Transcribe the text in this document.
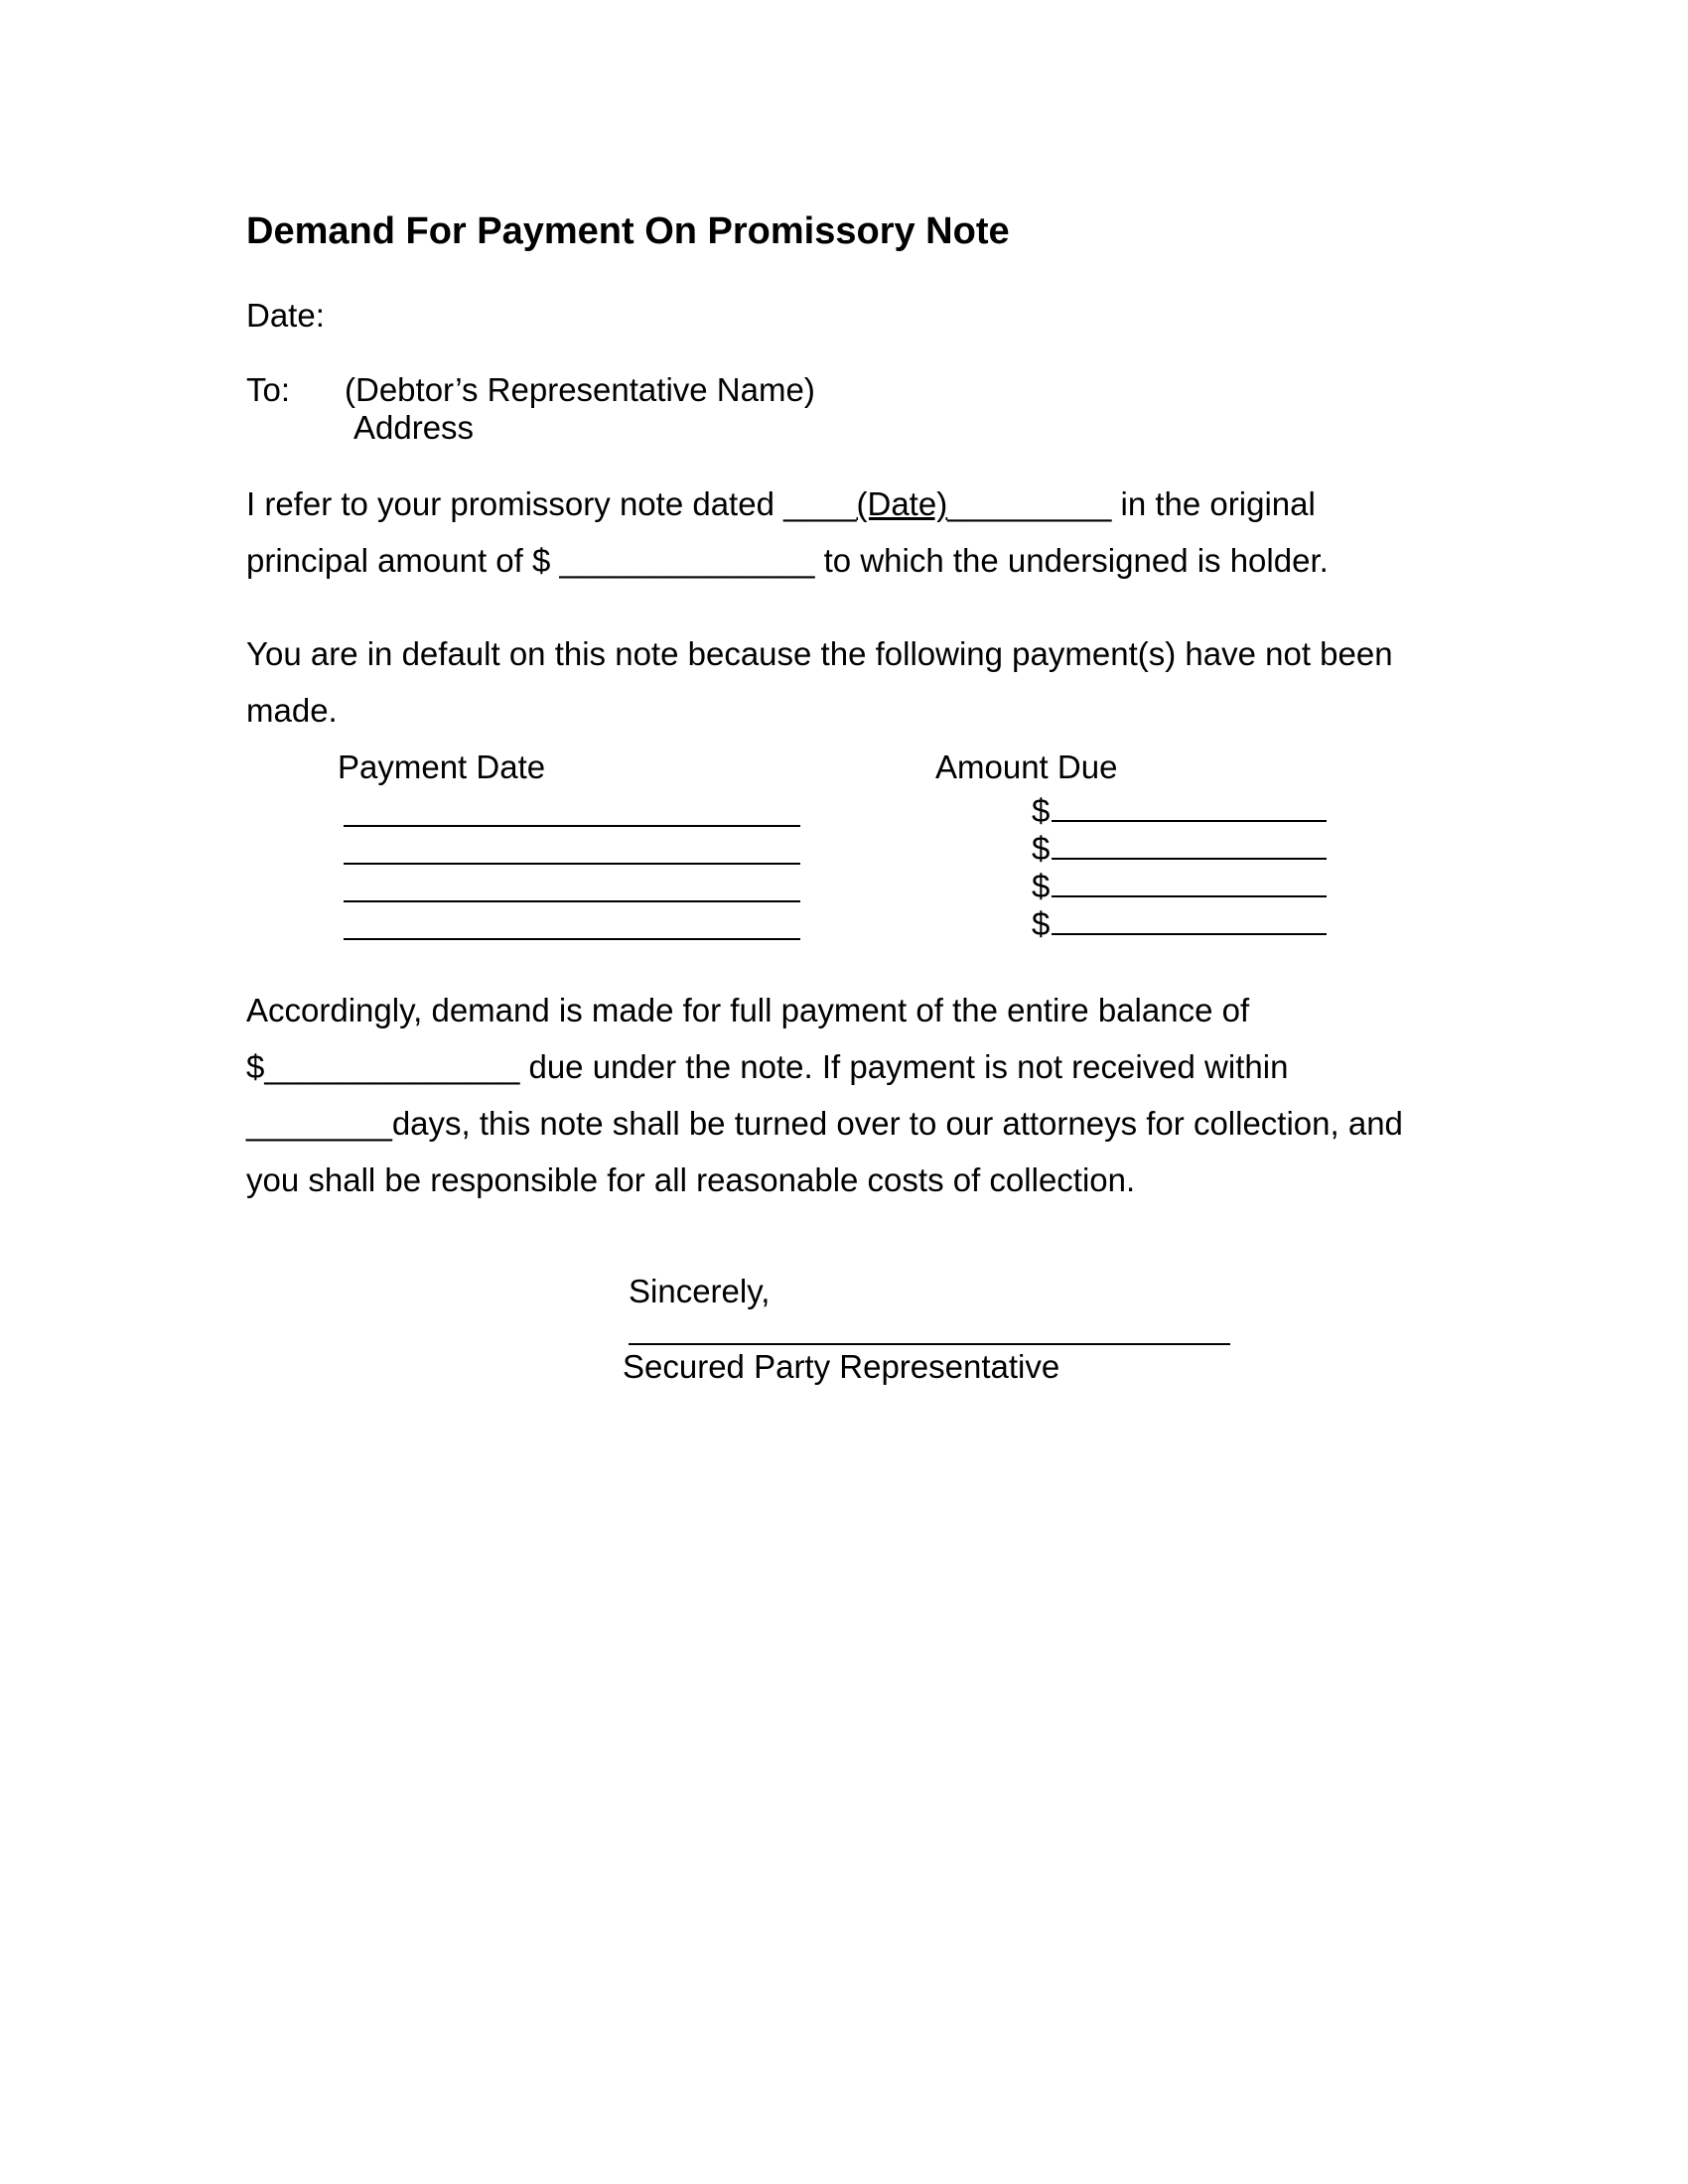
Demand For Payment On Promissory Note
Date:
To: (Debtor’s Representative Name)
Address
I refer to your promissory note dated ____(Date)_________ in the original
principal amount of $ ______________ to which the undersigned is holder.
You are in default on this note because the following payment(s) have not been
made.
Payment Date	Amount Due
$
$
$
$
Accordingly, demand is made for full payment of the entire balance of
$______________ due under the note. If payment is not received within
________days, this note shall be turned over to our attorneys for collection, and
you shall be responsible for all reasonable costs of collection.
Sincerely,
Secured Party Representative
